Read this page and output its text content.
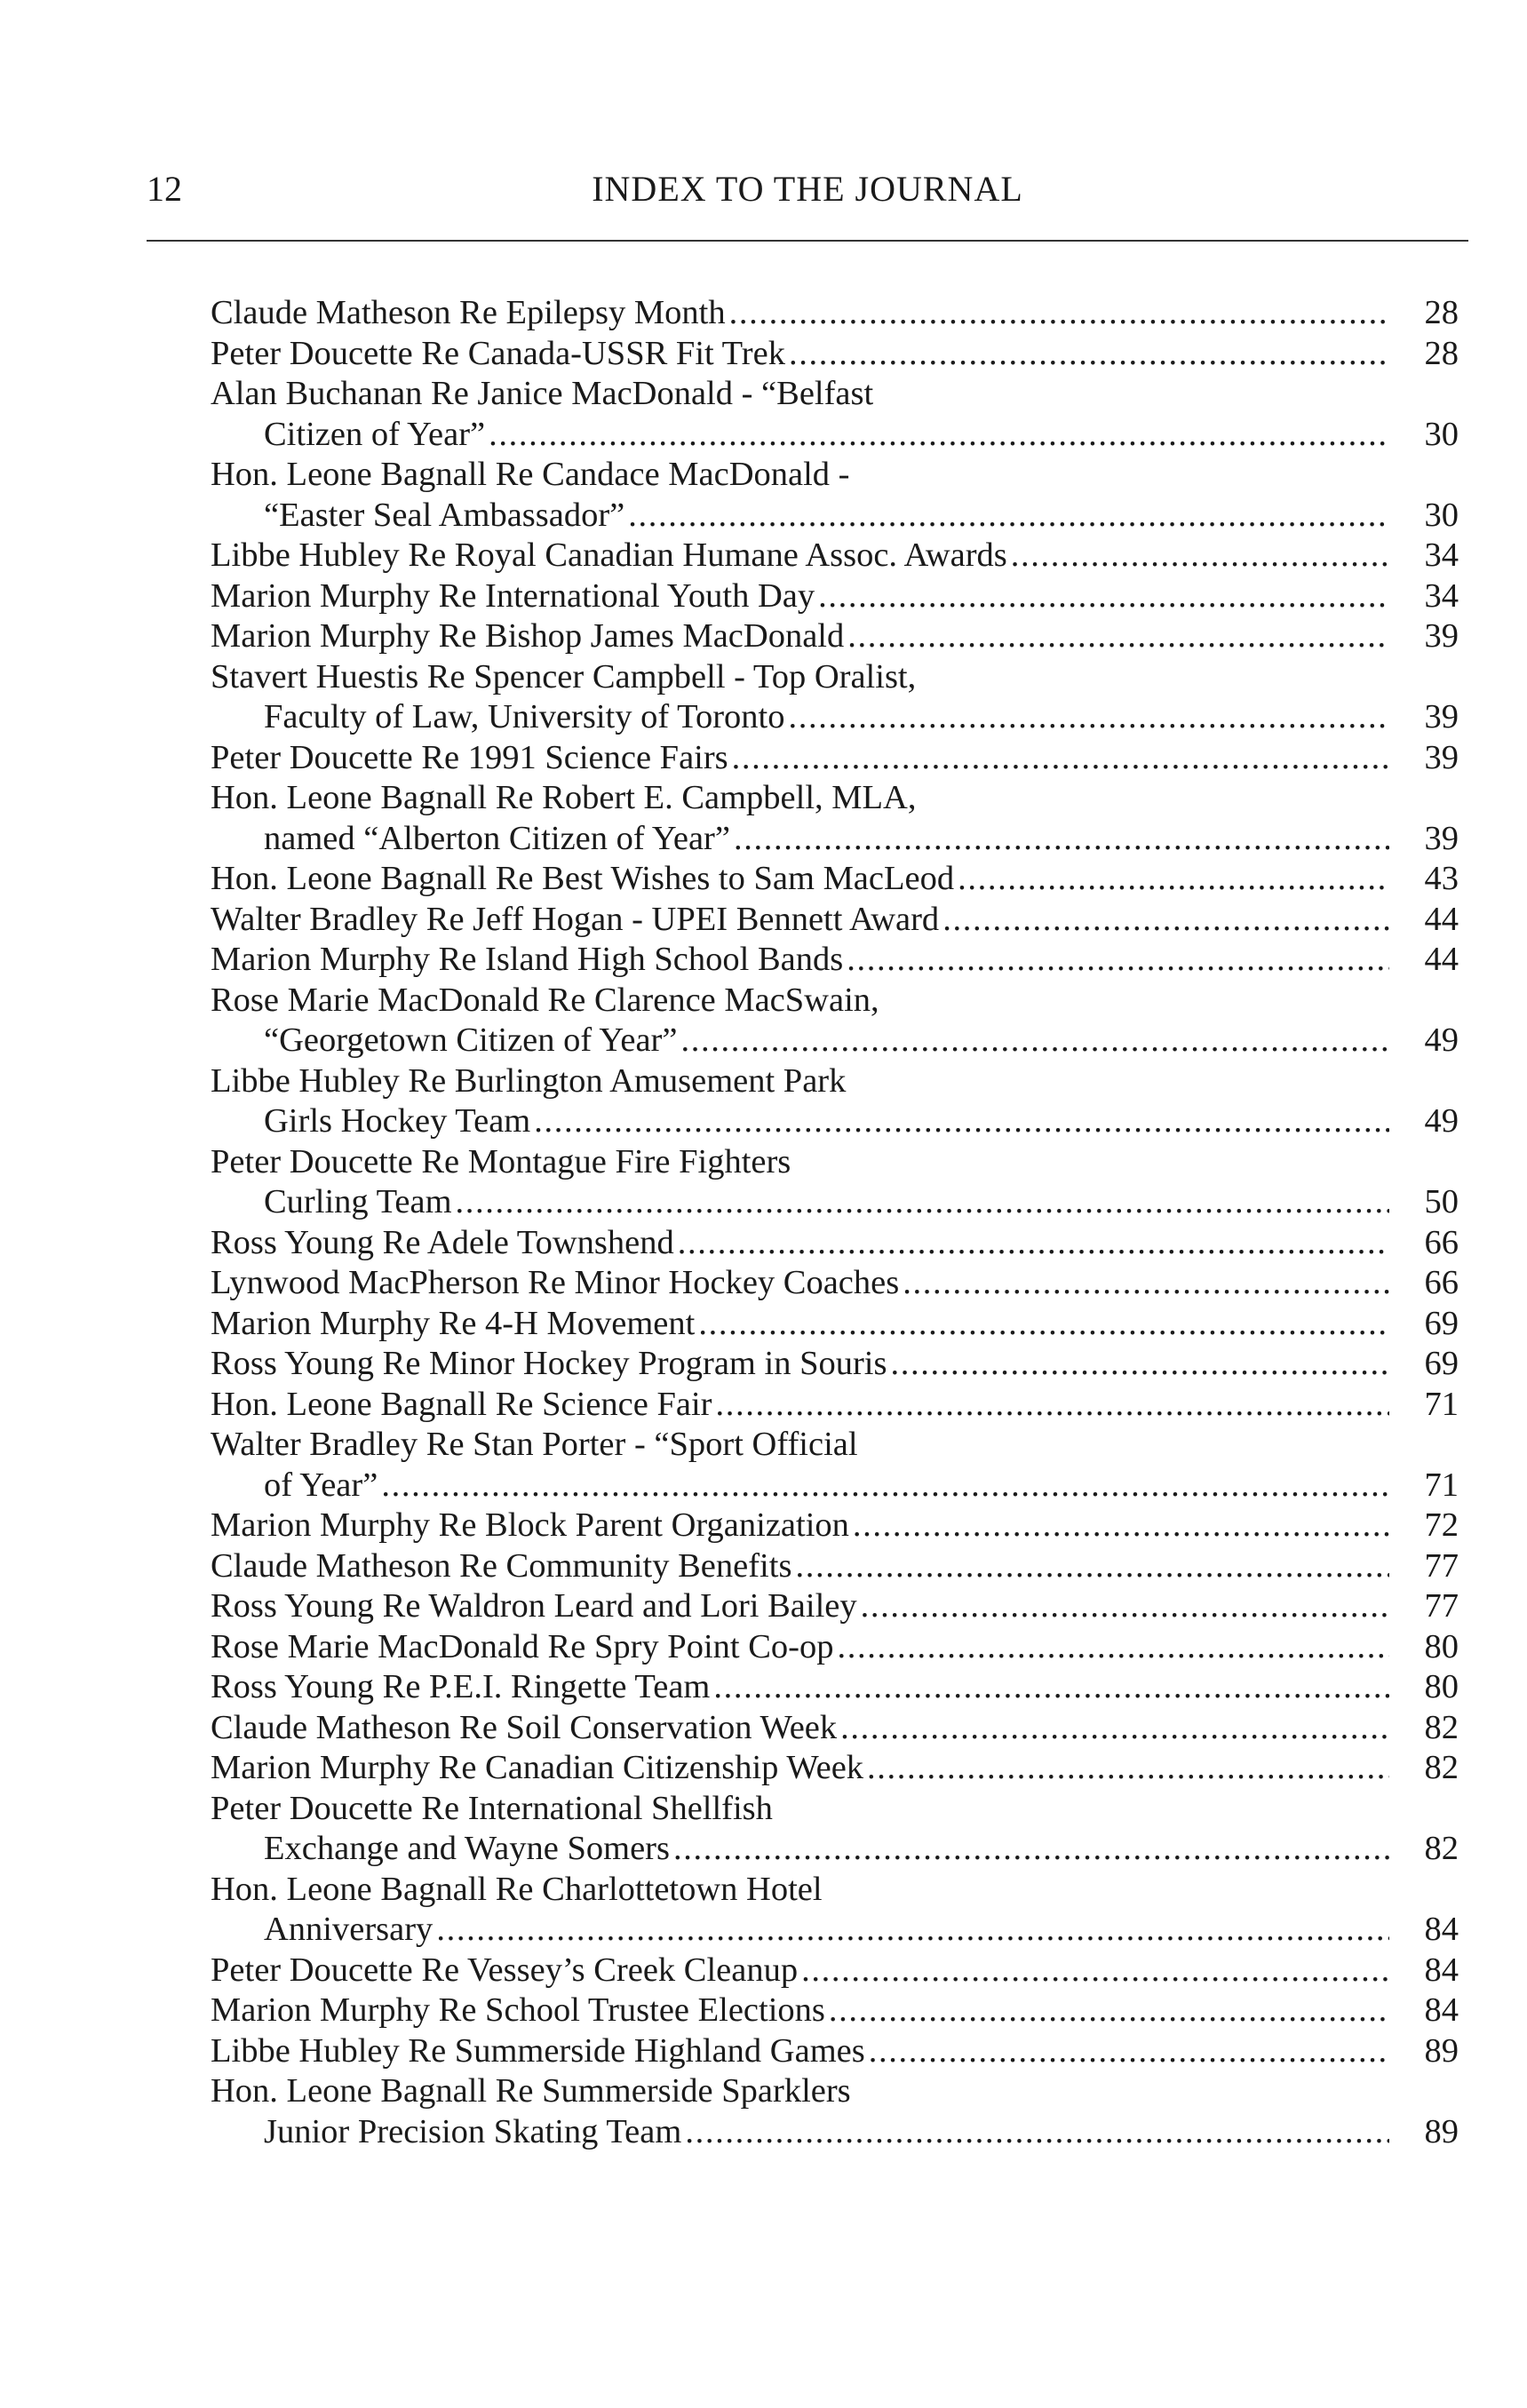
12	INDEX TO THE JOURNAL
Claude Matheson Re Epilepsy Month . . .	28
Peter Doucette Re Canada-USSR Fit Trek . . .	28
Alan Buchanan Re Janice MacDonald - “Belfast
Citizen of Year” . . .	30
Hon. Leone Bagnall Re Candace MacDonald -
“Easter Seal Ambassador” . . .	30
Libbe Hubley Re Royal Canadian Humane Assoc. Awards . . .	34
Marion Murphy Re International Youth Day . . .	34
Marion Murphy Re Bishop James MacDonald . . .	39
Stavert Huestis Re Spencer Campbell - Top Oralist,
Faculty of Law, University of Toronto . . .	39
Peter Doucette Re 1991 Science Fairs . . .	39
Hon. Leone Bagnall Re Robert E. Campbell, MLA,
named “Alberton Citizen of Year” . . .	39
Hon. Leone Bagnall Re Best Wishes to Sam MacLeod . . .	43
Walter Bradley Re Jeff Hogan - UPEI Bennett Award . . .	44
Marion Murphy Re Island High School Bands . . .	44
Rose Marie MacDonald Re Clarence MacSwain,
“Georgetown Citizen of Year” . . .	49
Libbe Hubley Re Burlington Amusement Park
Girls Hockey Team . . .	49
Peter Doucette Re Montague Fire Fighters
Curling Team . . .	50
Ross Young Re Adele Townshend . . .	66
Lynwood MacPherson Re Minor Hockey Coaches . . .	66
Marion Murphy Re 4-H Movement . . .	69
Ross Young Re Minor Hockey Program in Souris . . .	69
Hon. Leone Bagnall Re Science Fair . . .	71
Walter Bradley Re Stan Porter - “Sport Official
of Year” . . .	71
Marion Murphy Re Block Parent Organization . . .	72
Claude Matheson Re Community Benefits . . .	77
Ross Young Re Waldron Leard and Lori Bailey . . .	77
Rose Marie MacDonald Re Spry Point Co-op . . .	80
Ross Young Re P.E.I. Ringette Team . . .	80
Claude Matheson Re Soil Conservation Week . . .	82
Marion Murphy Re Canadian Citizenship Week . . .	82
Peter Doucette Re International Shellfish
Exchange and Wayne Somers . . .	82
Hon. Leone Bagnall Re Charlottetown Hotel
Anniversary . . .	84
Peter Doucette Re Vessey’s Creek Cleanup . . .	84
Marion Murphy Re School Trustee Elections . . .	84
Libbe Hubley Re Summerside Highland Games . . .	89
Hon. Leone Bagnall Re Summerside Sparklers
Junior Precision Skating Team . . .	89
